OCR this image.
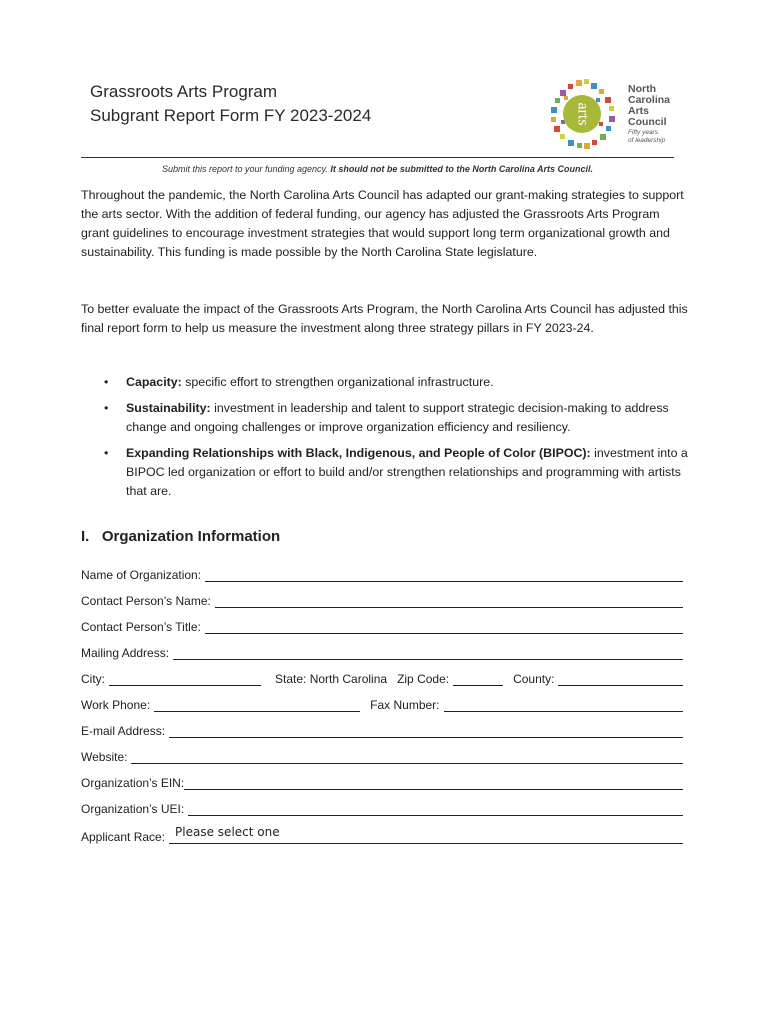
Grassroots Arts Program
Subgrant Report Form FY 2023-2024	arts
North
Carolina
Arts
Council
Fifty years
of leadership
Submit this report to your funding agency. It should not be submitted to the North Carolina Arts Council.

Throughout the pandemic, the North Carolina Arts Council has adapted our grant-making strategies to support the arts sector. With the addition of federal funding, our agency has adjusted the Grassroots Arts Program grant guidelines to encourage investment strategies that would support long term organizational growth and sustainability. This funding is made possible by the North Carolina State legislature.

To better evaluate the impact of the Grassroots Arts Program, the North Carolina Arts Council has adjusted this final report form to help us measure the investment along three strategy pillars in FY 2023-24.

• Capacity: specific effort to strengthen organizational infrastructure.
• Sustainability: investment in leadership and talent to support strategic decision-making to address change and ongoing challenges or improve organization efficiency and resiliency.
• Expanding Relationships with Black, Indigenous, and People of Color (BIPOC): investment into a BIPOC led organization or effort to build and/or strengthen relationships and programming with artists that are.
I.   Organization Information
Name of Organization:
Contact Person’s Name:
Contact Person’s Title:
Mailing Address:
City:	State: North Carolina Zip Code:	County:
Work Phone:	Fax Number:
E-mail Address:
Website:
Organization’s EIN:
Organization’s UEI:
Applicant Race: Please select one
